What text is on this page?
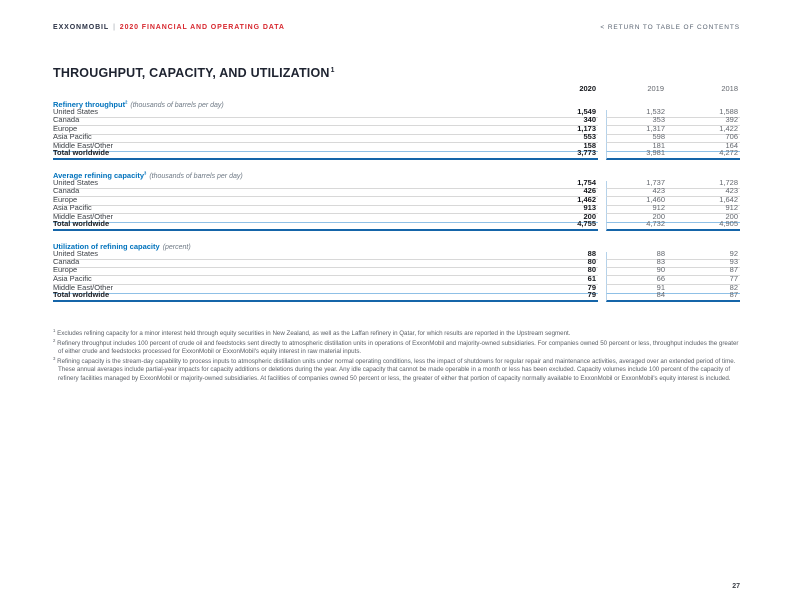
EXXONMOBIL | 2020 FINANCIAL AND OPERATING DATA	< RETURN TO TABLE OF CONTENTS
THROUGHPUT, CAPACITY, AND UTILIZATION$^1$
2020	2019	2018
Refinery throughput$^2$ (thousands of barrels per day)
United States	1,549	1,532	1,588
Canada	340	353	392
Europe	1,173	1,317	1,422
Asia Pacific	553	598	706
Middle East/Other	158	181	164
Total worldwide	3,773	3,981	4,272
Average refining capacity$^3$ (thousands of barrels per day)
United States	1,754	1,737	1,728
Canada	426	423	423
Europe	1,462	1,460	1,642
Asia Pacific	913	912	912
Middle East/Other	200	200	200
Total worldwide	4,755	4,732	4,905
Utilization of refining capacity (percent)
United States	88	88	92
Canada	80	83	93
Europe	80	90	87
Asia Pacific	61	66	77
Middle East/Other	79	91	82
Total worldwide	79	84	87
$^1$ Excludes refining capacity for a minor interest held through equity securities in New Zealand, as well as the Laffan refinery in Qatar, for which results are reported in the Upstream segment.
$^2$ Refinery throughput includes 100 percent of crude oil and feedstocks sent directly to atmospheric distillation units in operations of ExxonMobil and majority-owned subsidiaries. For companies owned 50 percent or less, throughput includes the greater of either crude and feedstocks processed for ExxonMobil or ExxonMobil's equity interest in raw material inputs.
$^3$ Refining capacity is the stream-day capability to process inputs to atmospheric distillation units under normal operating conditions, less the impact of shutdowns for regular repair and maintenance activities, averaged over an extended period of time. These annual averages include partial-year impacts for capacity additions or deletions during the year. Any idle capacity that cannot be made operable in a month or less has been excluded. Capacity volumes include 100 percent of the capacity of refinery facilities managed by ExxonMobil or majority-owned subsidiaries. At facilities of companies owned 50 percent or less, the greater of either that portion of capacity normally available to ExxonMobil or ExxonMobil's equity interest is included.
27
